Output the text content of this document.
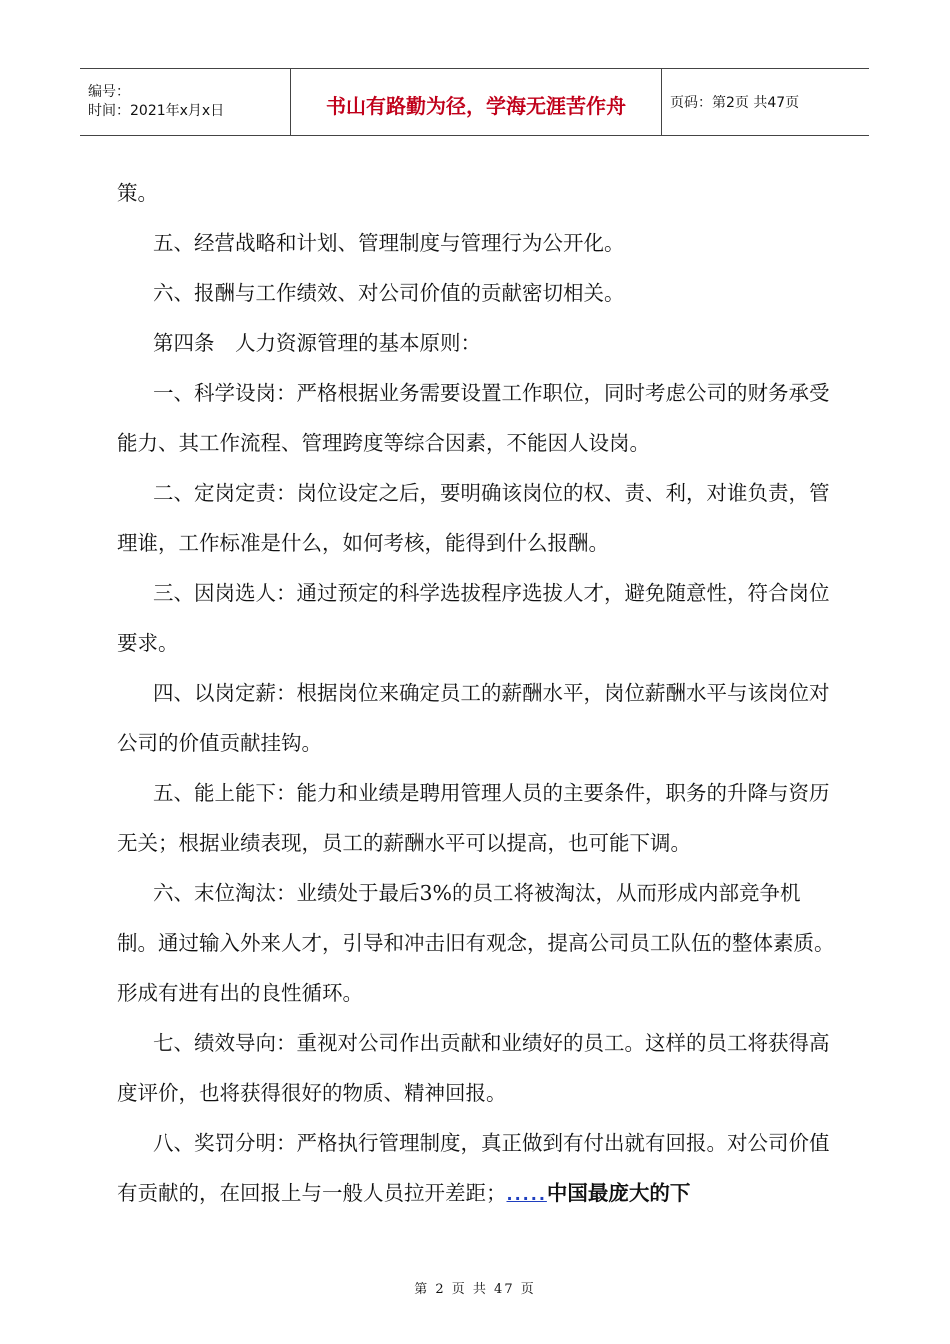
编号：
时间：2021年x月x日	书山有路勤为径，学海无涯苦作舟	页码：第2页 共47页

策。

五、经营战略和计划、管理制度与管理行为公开化。

六、报酬与工作绩效、对公司价值的贡献密切相关。

第四条　人力资源管理的基本原则：

一、科学设岗：严格根据业务需要设置工作职位，同时考虑公司的财务承受能力、其工作流程、管理跨度等综合因素，不能因人设岗。

二、定岗定责：岗位设定之后，要明确该岗位的权、责、利，对谁负责，管理谁，工作标准是什么，如何考核，能得到什么报酬。

三、因岗选人：通过预定的科学选拔程序选拔人才，避免随意性，符合岗位要求。

四、以岗定薪：根据岗位来确定员工的薪酬水平，岗位薪酬水平与该岗位对公司的价值贡献挂钩。

五、能上能下：能力和业绩是聘用管理人员的主要条件，职务的升降与资历无关；根据业绩表现，员工的薪酬水平可以提高，也可能下调。

六、末位淘汰：业绩处于最后3%的员工将被淘汰，从而形成内部竞争机制。通过输入外来人才，引导和冲击旧有观念，提高公司员工队伍的整体素质。形成有进有出的良性循环。

七、绩效导向：重视对公司作出贡献和业绩好的员工。这样的员工将获得高度评价，也将获得很好的物质、精神回报。

八、奖罚分明：严格执行管理制度，真正做到有付出就有回报。对公司价值有贡献的，在回报上与一般人员拉开差距；.....中国最庞大的下

第 2 页 共 47 页
